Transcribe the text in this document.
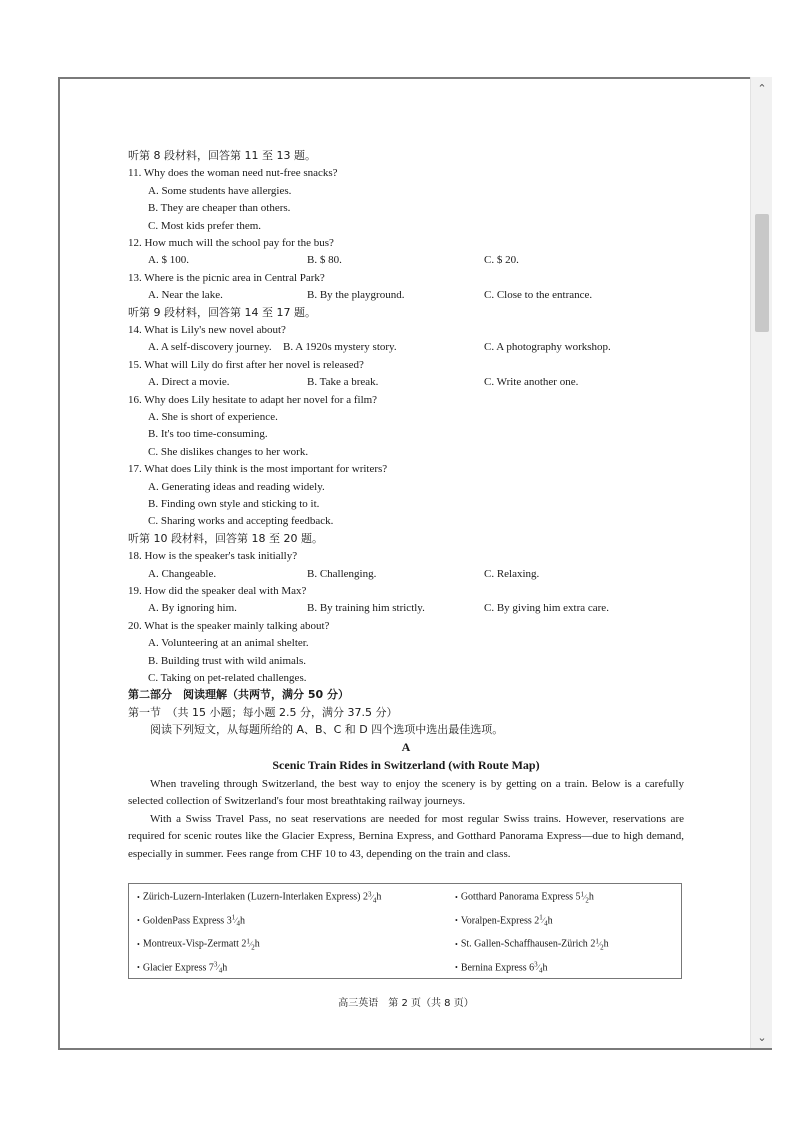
⌃
⌄
听第 8 段材料，回答第 11 至 13 题。
11. Why does the woman need nut-free snacks?
A. Some students have allergies.
B. They are cheaper than others.
C. Most kids prefer them.
12. How much will the school pay for the bus?
A. $ 100.	B. $ 80.	C. $ 20.
13. Where is the picnic area in Central Park?
A. Near the lake.	B. By the playground.	C. Close to the entrance.
听第 9 段材料，回答第 14 至 17 题。
14. What is Lily's new novel about?
A. A self-discovery journey. B. A 1920s mystery story.	C. A photography workshop.
15. What will Lily do first after her novel is released?
A. Direct a movie.	B. Take a break.	C. Write another one.
16. Why does Lily hesitate to adapt her novel for a film?
A. She is short of experience.
B. It's too time-consuming.
C. She dislikes changes to her work.
17. What does Lily think is the most important for writers?
A. Generating ideas and reading widely.
B. Finding own style and sticking to it.
C. Sharing works and accepting feedback.
听第 10 段材料，回答第 18 至 20 题。
18. How is the speaker's task initially?
A. Changeable.	B. Challenging.	C. Relaxing.
19. How did the speaker deal with Max?
A. By ignoring him.	B. By training him strictly.	C. By giving him extra care.
20. What is the speaker mainly talking about?
A. Volunteering at an animal shelter.
B. Building trust with wild animals.
C. Taking on pet-related challenges.
第二部分　阅读理解（共两节，满分 50 分）
第一节　（共 15 小题；每小题 2.5 分，满分 37.5 分）
阅读下列短文，从每题所给的 A、B、C 和 D 四个选项中选出最佳选项。
A
Scenic Train Rides in Switzerland (with Route Map)
When traveling through Switzerland, the best way to enjoy the scenery is by getting on a train. Below is a carefully selected collection of Switzerland's four most breathtaking railway journeys.
With a Swiss Travel Pass, no seat reservations are needed for most regular Swiss trains. However, reservations are required for scenic routes like the Glacier Express, Bernina Express, and Gotthard Panorama Express—due to high demand, especially in summer. Fees range from CHF 10 to 43, depending on the train and class.
• Zürich-Luzern-Interlaken (Luzern-Interlaken Express) $2^3⁄_4h$	• Gotthard Panorama Express $5^1⁄_2h$
• GoldenPass Express $3^1⁄_4h$	• Voralpen-Express $2^1⁄_4h$
• Montreux-Visp-Zermatt $2^1⁄_2h$	• St. Gallen-Schaffhausen-Zürich $2^1⁄_2h$
• Glacier Express $7^3⁄_4h$	• Bernina Express $6^3⁄_4h$
高三英语　第 2 页（共 8 页）
